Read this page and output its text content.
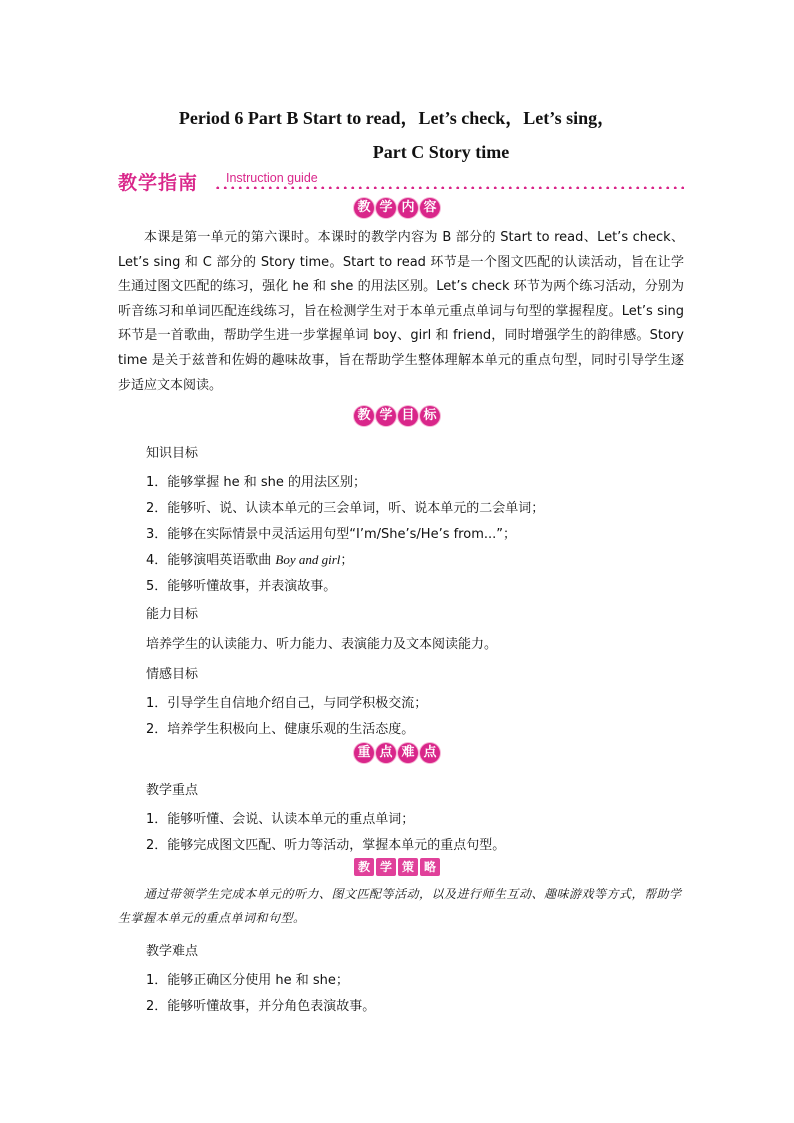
Period 6 Part B Start to read，Let’s check，Let’s sing，
Part C Story time
教学指南 Instruction guide
教 学 内 容
本课是第一单元的第六课时。本课时的教学内容为 B 部分的 Start to read、Let’s check、Let’s sing 和 C 部分的 Story time。Start to read 环节是一个图文匹配的认读活动，旨在让学生通过图文匹配的练习，强化 he 和 she 的用法区别。Let’s check 环节为两个练习活动，分别为听音练习和单词匹配连线练习，旨在检测学生对于本单元重点单词与句型的掌握程度。Let’s sing 环节是一首歌曲，帮助学生进一步掌握单词 boy、girl 和 friend，同时增强学生的韵律感。Story time 是关于兹普和佐姆的趣味故事，旨在帮助学生整体理解本单元的重点句型，同时引导学生逐步适应文本阅读。
教 学 目 标
知识目标
1．能够掌握 he 和 she 的用法区别；
2．能够听、说、认读本单元的三会单词，听、说本单元的二会单词；
3．能够在实际情景中灵活运用句型“I’m/She’s/He’s from...”；
4．能够演唱英语歌曲 Boy and girl；
5．能够听懂故事，并表演故事。
能力目标
培养学生的认读能力、听力能力、表演能力及文本阅读能力。
情感目标
1．引导学生自信地介绍自己，与同学积极交流；
2．培养学生积极向上、健康乐观的生活态度。
重 点 难 点
教学重点
1．能够听懂、会说、认读本单元的重点单词；
2．能够完成图文匹配、听力等活动，掌握本单元的重点句型。
教 学 策 略
通过带领学生完成本单元的听力、图文匹配等活动，以及进行师生互动、趣味游戏等方式，帮助学生掌握本单元的重点单词和句型。
教学难点
1．能够正确区分使用 he 和 she；
2．能够听懂故事，并分角色表演故事。
